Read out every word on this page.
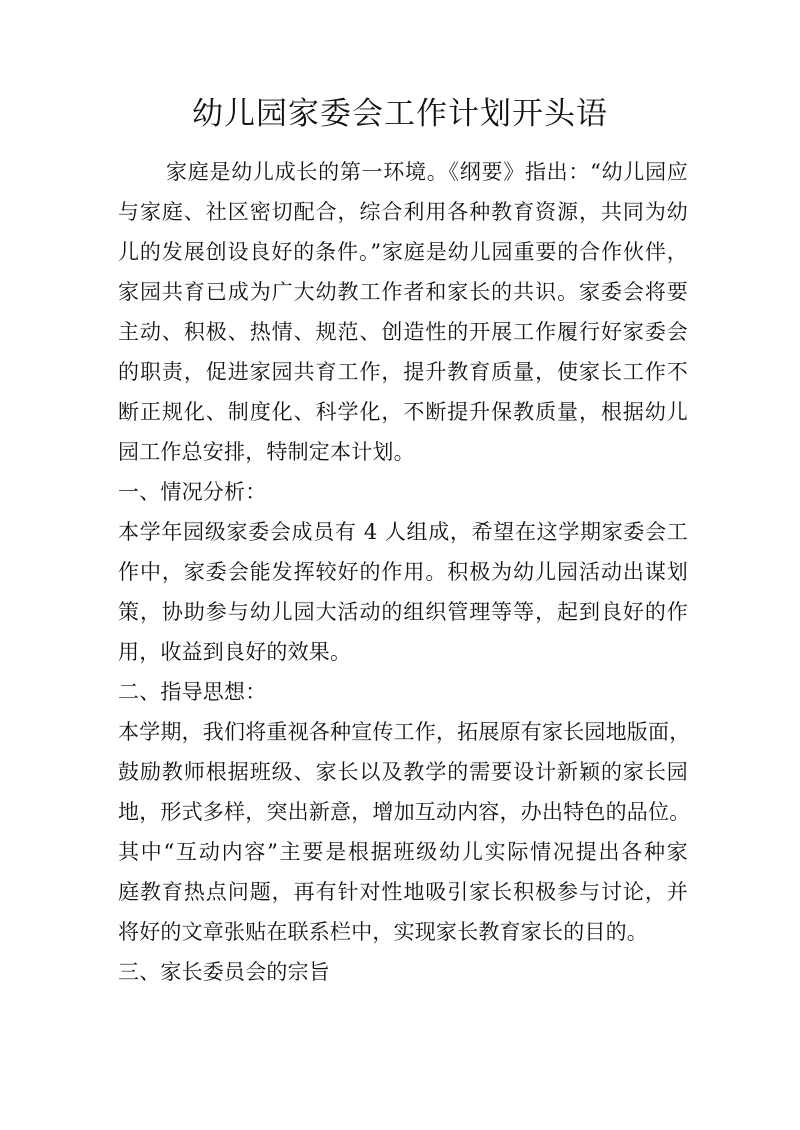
幼儿园家委会工作计划开头语
家庭是幼儿成长的第一环境。《纲要》指出：“幼儿园应
与家庭、社区密切配合，综合利用各种教育资源，共同为幼
儿的发展创设良好的条件。”家庭是幼儿园重要的合作伙伴，
家园共育已成为广大幼教工作者和家长的共识。家委会将要
主动、积极、热情、规范、创造性的开展工作履行好家委会
的职责，促进家园共育工作，提升教育质量，使家长工作不
断正规化、制度化、科学化，不断提升保教质量，根据幼儿
园工作总安排，特制定本计划。
一、情况分析：
本学年园级家委会成员有 4 人组成，希望在这学期家委会工
作中，家委会能发挥较好的作用。积极为幼儿园活动出谋划
策，协助参与幼儿园大活动的组织管理等等，起到良好的作
用，收益到良好的效果。
二、指导思想：
本学期，我们将重视各种宣传工作，拓展原有家长园地版面，
鼓励教师根据班级、家长以及教学的需要设计新颖的家长园
地，形式多样，突出新意，增加互动内容，办出特色的品位。
其中“互动内容”主要是根据班级幼儿实际情况提出各种家
庭教育热点问题，再有针对性地吸引家长积极参与讨论，并
将好的文章张贴在联系栏中，实现家长教育家长的目的。
三、家长委员会的宗旨
